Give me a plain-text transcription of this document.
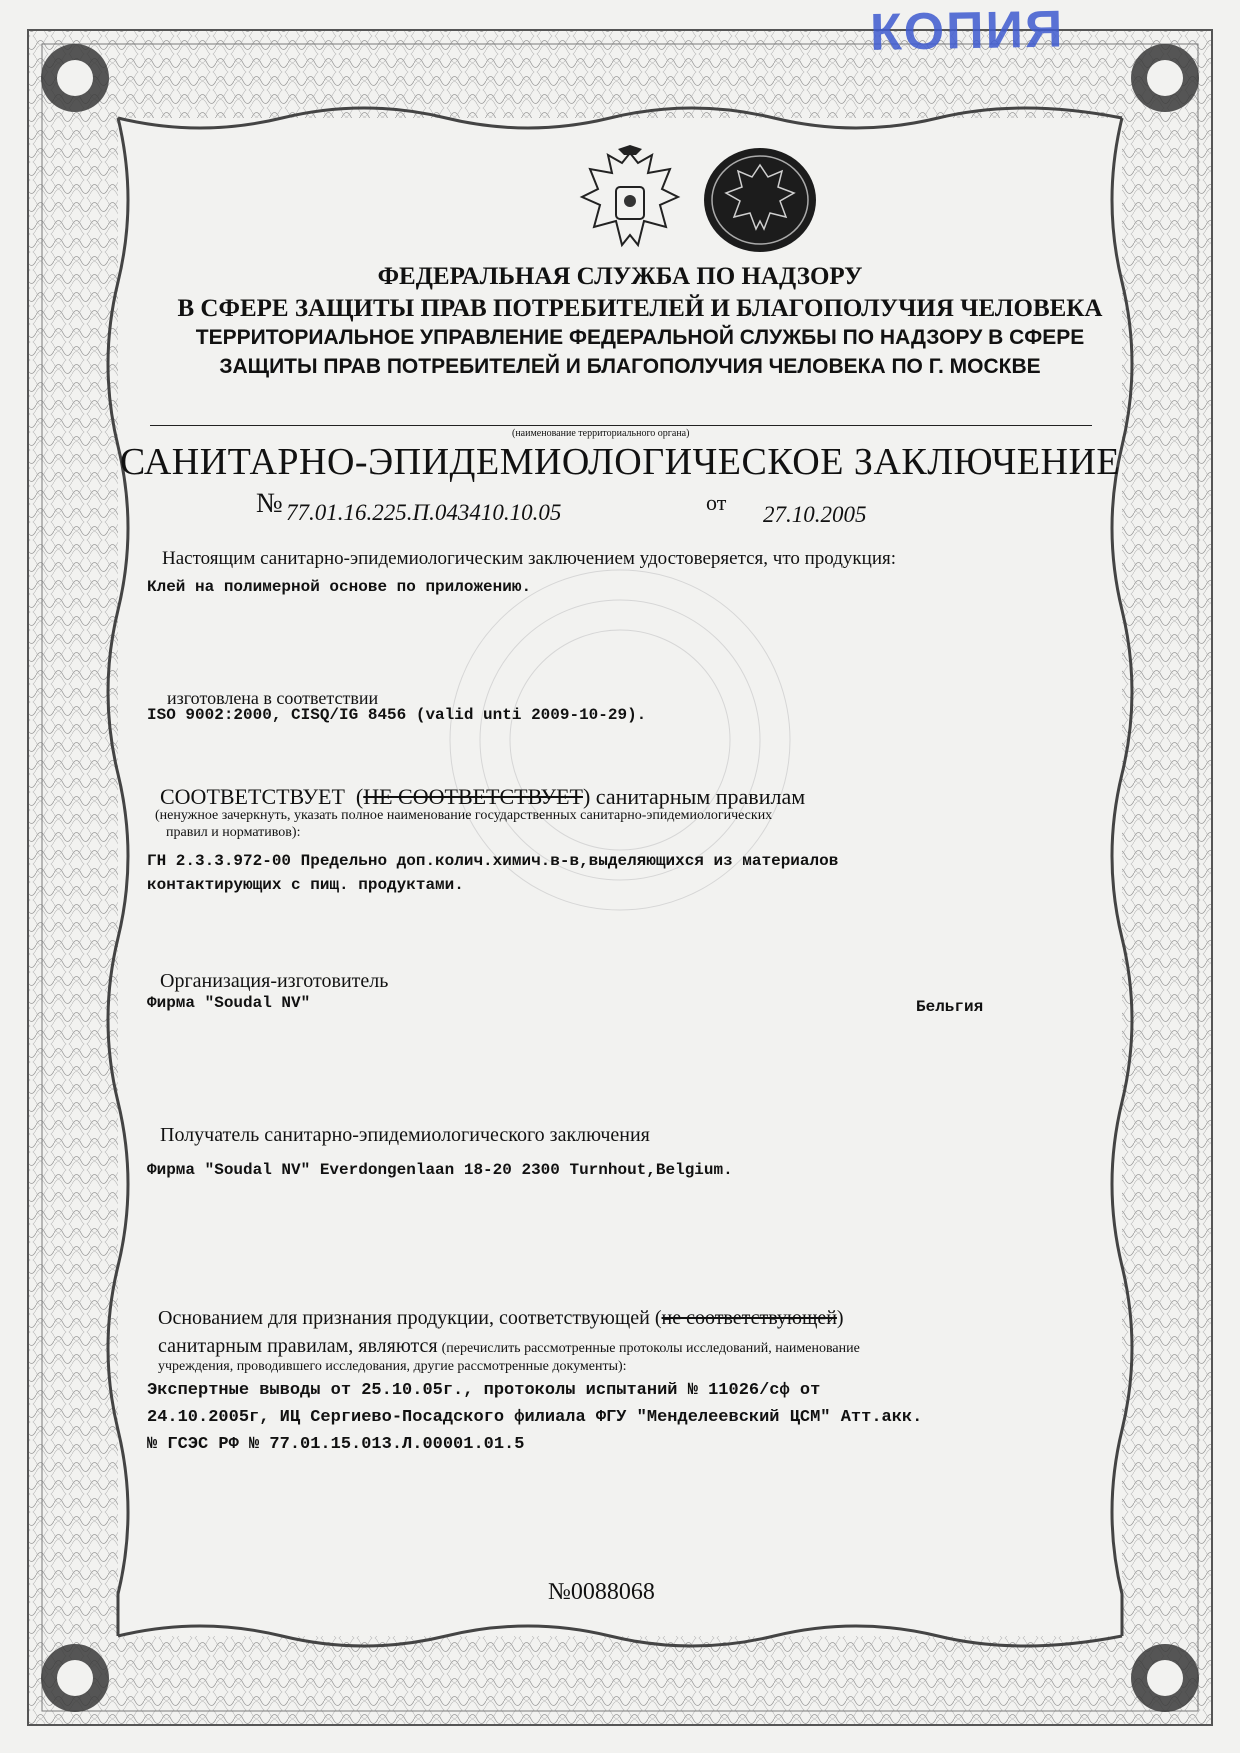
КОПИЯ
ФЕДЕРАЛЬНАЯ СЛУЖБА ПО НАДЗОРУ
В СФЕРЕ ЗАЩИТЫ ПРАВ ПОТРЕБИТЕЛЕЙ И БЛАГОПОЛУЧИЯ ЧЕЛОВЕКА
ТЕРРИТОРИАЛЬНОЕ УПРАВЛЕНИЕ ФЕДЕРАЛЬНОЙ СЛУЖБЫ ПО НАДЗОРУ В СФЕРЕ
ЗАЩИТЫ ПРАВ ПОТРЕБИТЕЛЕЙ И БЛАГОПОЛУЧИЯ ЧЕЛОВЕКА ПО Г. МОСКВЕ
(наименование территориального органа)
САНИТАРНО-ЭПИДЕМИОЛОГИЧЕСКОЕ ЗАКЛЮЧЕНИЕ
№ 77.01.16.225.П.043410.10.05	от 27.10.2005
Настоящим санитарно-эпидемиологическим заключением удостоверяется, что продукция:
Клей на полимерной основе по приложению.
изготовлена в соответствии
ISO 9002:2000, CISQ/IG 8456 (valid unti 2009-10-29).
СООТВЕТСТВУЕТ (НЕ СООТВЕТСТВУЕТ) санитарным правилам
(ненужное зачеркнуть, указать полное наименование государственных санитарно-эпидемиологических
правил и нормативов):
ГН 2.3.3.972-00 Предельно доп.колич.химич.в-в,выделяющихся из материалов
контактирующих с пищ. продуктами.
Организация-изготовитель
Фирма "Soudal NV"	Бельгия
Получатель санитарно-эпидемиологического заключения
Фирма "Soudal NV" Everdongenlaan 18-20 2300 Turnhout,Belgium.
Основанием для признания продукции, соответствующей (не соответствующей)
санитарным правилам, являются (перечислить рассмотренные протоколы исследований, наименование
учреждения, проводившего исследования, другие рассмотренные документы):
Экспертные выводы от 25.10.05г., протоколы испытаний № 11026/сф от
24.10.2005г, ИЦ Сергиево-Посадского филиала ФГУ "Менделеевский ЦСМ" Атт.акк.
№ ГСЭС РФ № 77.01.15.013.Л.00001.01.5
№0088068
